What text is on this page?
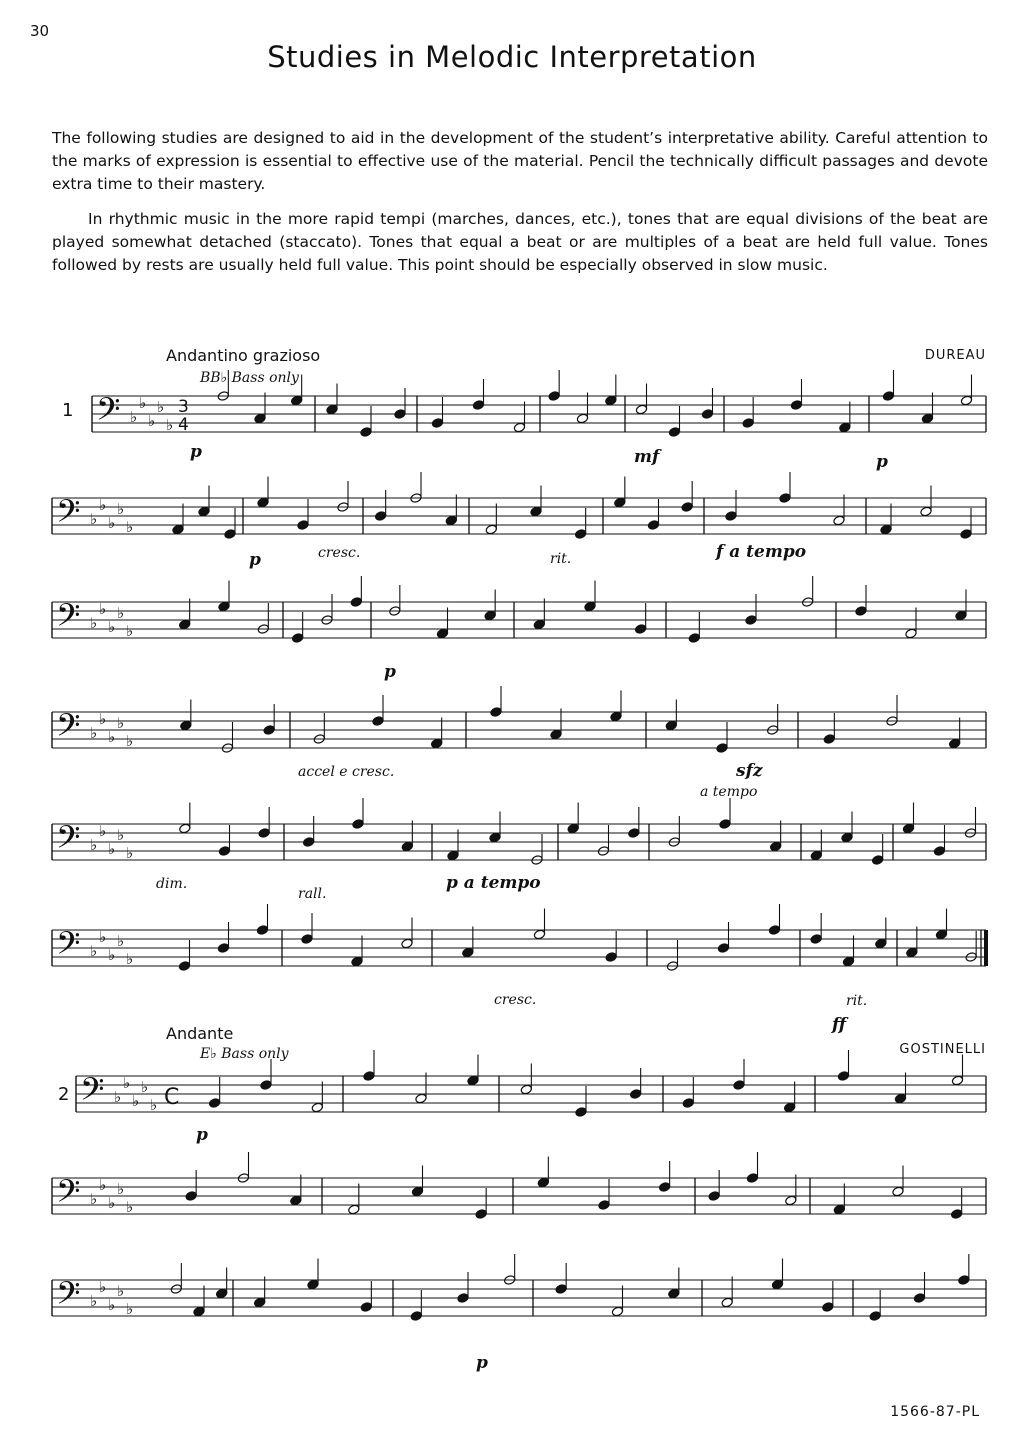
30
Studies in Melodic Interpretation

The following studies are designed to aid in the development of the student’s interpretative ability. Careful attention to the marks of expression is essential to effective use of the material. Pencil the technically difficult passages and devote extra time to their mastery.

In rhythmic music in the more rapid tempi (marches, dances, etc.), tones that are equal divisions of the beat are played somewhat detached (staccato). Tones that equal a beat or are multiples of a beat are held full value. Tones followed by rests are usually held full value. This point should be especially observed in slow music.

Andantino grazioso
BB♭ Bass only
DUREAU
1
Andante
E♭ Bass only	GOSTINELLI
2
𝄢 ♭
♭
♭
♭
♭
3
4
𝄢 ♭
♭
♭
♭
♭
𝄢 ♭
♭
♭
♭
♭
𝄢 ♭
♭
♭
♭
♭
𝄢 ♭
♭
♭
♭
♭
𝄢 ♭
♭
♭
♭
♭
𝄢 ♭
♭
♭
♭
♭ C
𝄢 ♭
♭
♭
♭
♭
𝄢 ♭
♭
♭
♭
♭
p	mf	p
p	cresc.	rit.	f a tempo
p
accel e cresc.	sfz
a tempo
dim.
rall.
p a tempo
cresc.	rit.
ff
p
p
1566-87-PL
